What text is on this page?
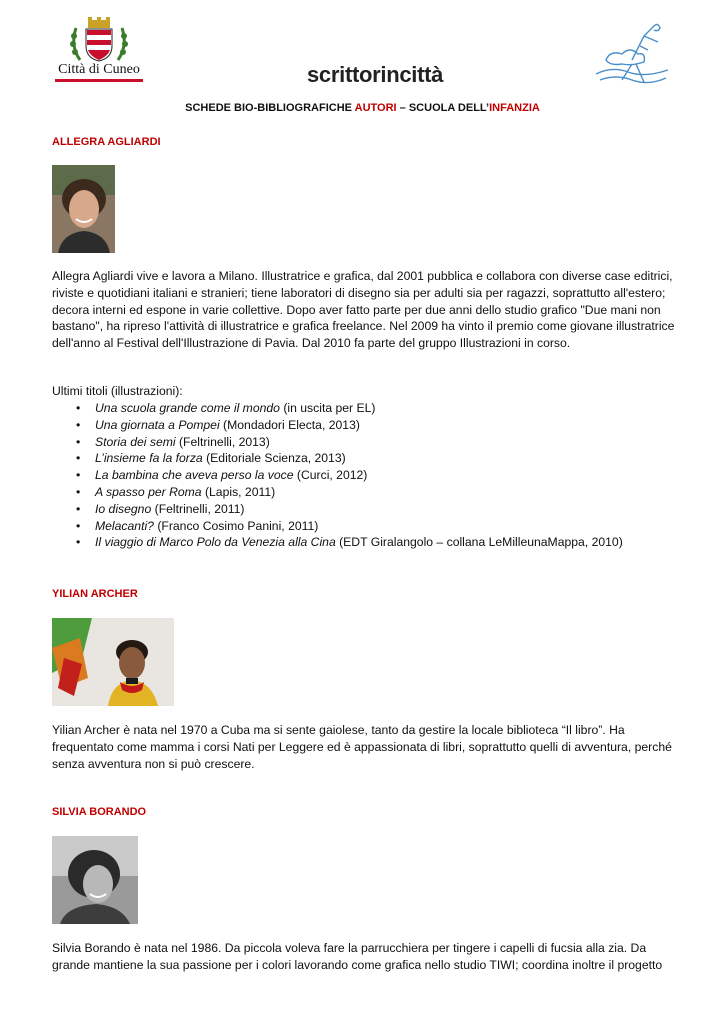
Città di Cuneo	scrittorincittà
SCHEDE BIO-BIBLIOGRAFICHE AUTORI – SCUOLA DELL’INFANZIA
ALLEGRA AGLIARDI
Allegra Agliardi vive e lavora a Milano. Illustratrice e grafica, dal 2001 pubblica e collabora con diverse case editrici, riviste e quotidiani italiani e stranieri; tiene laboratori di disegno sia per adulti sia per ragazzi, soprattutto all'estero; decora interni ed espone in varie collettive. Dopo aver fatto parte per due anni dello studio grafico "Due mani non bastano", ha ripreso l'attività di illustratrice e grafica freelance. Nel 2009 ha vinto il premio come giovane illustratrice dell'anno al Festival dell'Illustrazione di Pavia. Dal 2010 fa parte del gruppo Illustrazioni in corso.
Ultimi titoli (illustrazioni):
• Una scuola grande come il mondo (in uscita per EL)
• Una giornata a Pompei (Mondadori Electa, 2013)
• Storia dei semi (Feltrinelli, 2013)
• L’insieme fa la forza (Editoriale Scienza, 2013)
• La bambina che aveva perso la voce (Curci, 2012)
• A spasso per Roma (Lapis, 2011)
• Io disegno (Feltrinelli, 2011)
• Melacanti? (Franco Cosimo Panini, 2011)
• Il viaggio di Marco Polo da Venezia alla Cina (EDT Giralangolo – collana LeMilleunaMappa, 2010)
YILIAN ARCHER
Yilian Archer è nata nel 1970 a Cuba ma si sente gaiolese, tanto da gestire la locale biblioteca “Il libro”. Ha frequentato come mamma i corsi Nati per Leggere ed è appassionata di libri, soprattutto quelli di avventura, perché senza avventura non si può crescere.
SILVIA BORANDO
Silvia Borando è nata nel 1986. Da piccola voleva fare la parrucchiera per tingere i capelli di fucsia alla zia. Da grande mantiene la sua passione per i colori lavorando come grafica nello studio TIWI; coordina inoltre il progetto
